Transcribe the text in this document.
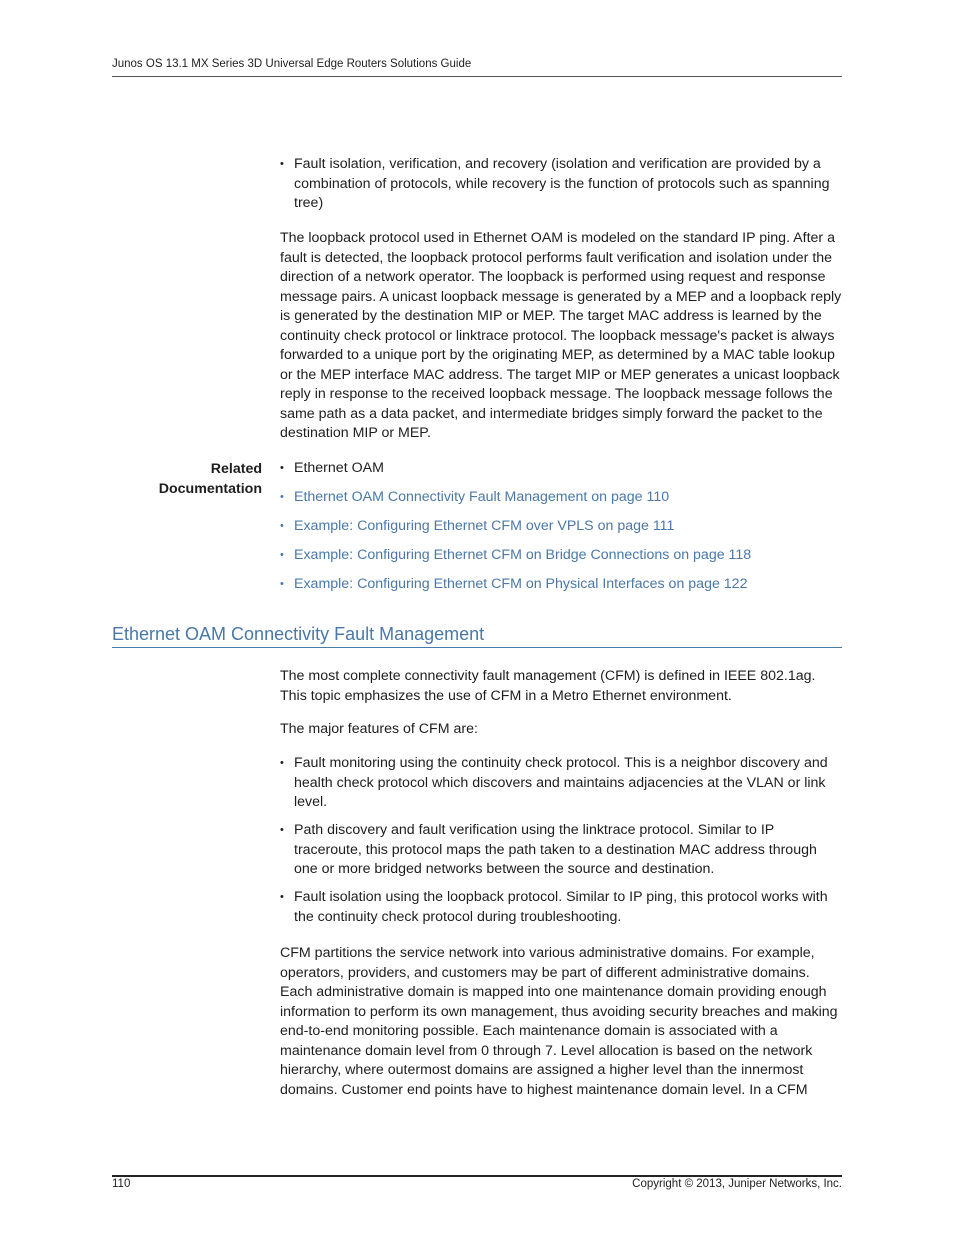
Junos OS 13.1 MX Series 3D Universal Edge Routers Solutions Guide
• Fault isolation, verification, and recovery (isolation and verification are provided by a combination of protocols, while recovery is the function of protocols such as spanning tree)
The loopback protocol used in Ethernet OAM is modeled on the standard IP ping. After a fault is detected, the loopback protocol performs fault verification and isolation under the direction of a network operator. The loopback is performed using request and response message pairs. A unicast loopback message is generated by a MEP and a loopback reply is generated by the destination MIP or MEP. The target MAC address is learned by the continuity check protocol or linktrace protocol. The loopback message's packet is always forwarded to a unique port by the originating MEP, as determined by a MAC table lookup or the MEP interface MAC address. The target MIP or MEP generates a unicast loopback reply in response to the received loopback message. The loopback message follows the same path as a data packet, and intermediate bridges simply forward the packet to the destination MIP or MEP.
Related
Documentation
• Ethernet OAM
• Ethernet OAM Connectivity Fault Management on page 110
• Example: Configuring Ethernet CFM over VPLS on page 111
• Example: Configuring Ethernet CFM on Bridge Connections on page 118
• Example: Configuring Ethernet CFM on Physical Interfaces on page 122
Ethernet OAM Connectivity Fault Management
The most complete connectivity fault management (CFM) is defined in IEEE 802.1ag. This topic emphasizes the use of CFM in a Metro Ethernet environment.
The major features of CFM are:
• Fault monitoring using the continuity check protocol. This is a neighbor discovery and health check protocol which discovers and maintains adjacencies at the VLAN or link level.
• Path discovery and fault verification using the linktrace protocol. Similar to IP traceroute, this protocol maps the path taken to a destination MAC address through one or more bridged networks between the source and destination.
• Fault isolation using the loopback protocol. Similar to IP ping, this protocol works with the continuity check protocol during troubleshooting.
CFM partitions the service network into various administrative domains. For example, operators, providers, and customers may be part of different administrative domains. Each administrative domain is mapped into one maintenance domain providing enough information to perform its own management, thus avoiding security breaches and making end-to-end monitoring possible. Each maintenance domain is associated with a maintenance domain level from 0 through 7. Level allocation is based on the network hierarchy, where outermost domains are assigned a higher level than the innermost domains. Customer end points have to highest maintenance domain level. In a CFM
110	Copyright © 2013, Juniper Networks, Inc.
